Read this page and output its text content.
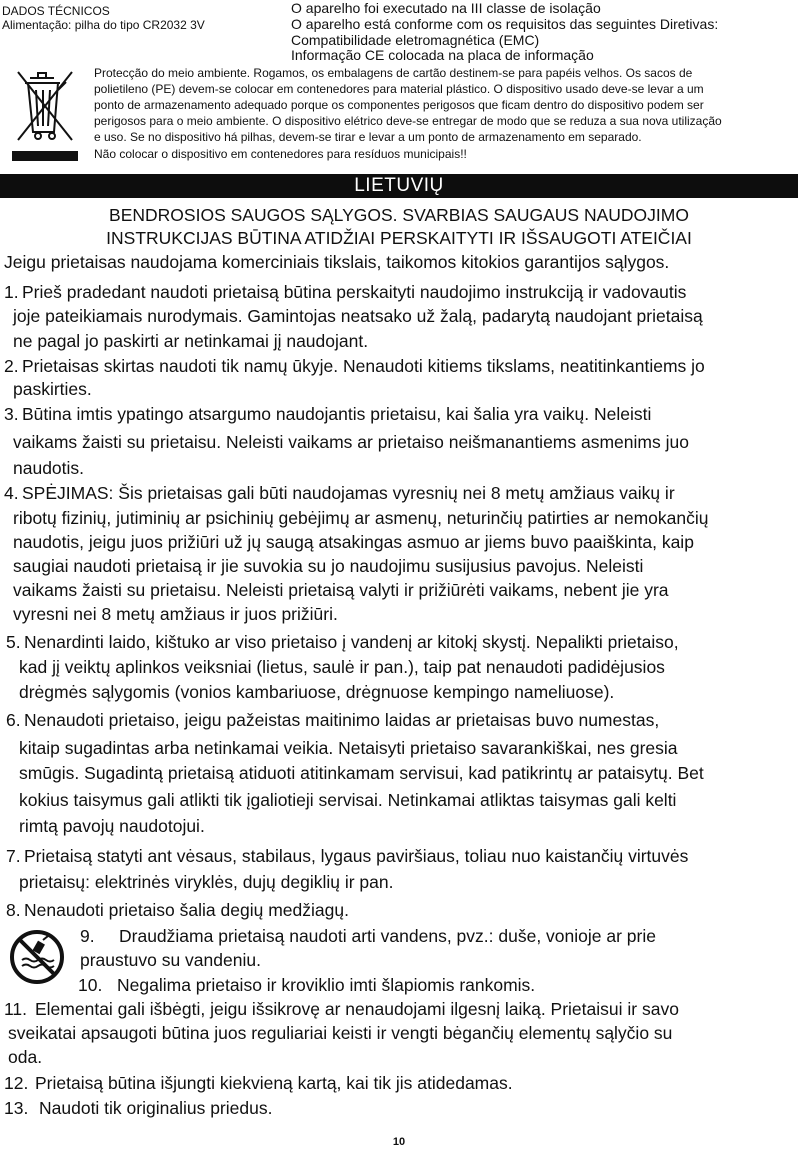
DADOS TÉCNICOS
Alimentação: pilha do tipo CR2032 3V
O aparelho foi executado na III classe de isolação
O aparelho está conforme com os requisitos das seguintes Diretivas:
Compatibilidade eletromagnética (EMC)
Informação CE colocada na placa de informação
Protecção do meio ambiente. Rogamos, os embalagens de cartão destinem-se para papéis velhos. Os sacos de
polietileno (PE) devem-se colocar em contenedores para material plástico. O dispositivo usado deve-se levar a um
ponto de armazenamento adequado porque os componentes perigosos que ficam dentro do dispositivo podem ser
perigosos para o meio ambiente. O dispositivo elétrico deve-se entregar de modo que se reduza a sua nova utilização
e uso. Se no dispositivo há pilhas, devem-se tirar e levar a um ponto de armazenamento em separado.
Não colocar o dispositivo em contenedores para resíduos municipais!!
LIETUVIŲ
BENDROSIOS SAUGOS SĄLYGOS. SVARBIAS SAUGAUS NAUDOJIMO
INSTRUKCIJAS BŪTINA ATIDŽIAI PERSKAITYTI IR IŠSAUGOTI ATEIČIAI
Jeigu prietaisas naudojama komerciniais tikslais, taikomos kitokios garantijos sąlygos.
1. Prieš pradedant naudoti prietaisą būtina perskaityti naudojimo instrukciją ir vadovautis
joje pateikiamais nurodymais. Gamintojas neatsako už žalą, padarytą naudojant prietaisą
ne pagal jo paskirti ar netinkamai jį naudojant.
2. Prietaisas skirtas naudoti tik namų ūkyje. Nenaudoti kitiems tikslams, neatitinkantiems jo
paskirties.
3. Būtina imtis ypatingo atsargumo naudojantis prietaisu, kai šalia yra vaikų. Neleisti
vaikams žaisti su prietaisu. Neleisti vaikams ar prietaiso neišmanantiems asmenims juo
naudotis.
4. SPĖJIMAS: Šis prietaisas gali būti naudojamas vyresnių nei 8 metų amžiaus vaikų ir
ribotų fizinių, jutiminių ar psichinių gebėjimų ar asmenų, neturinčių patirties ar nemokančių
naudotis, jeigu juos prižiūri už jų saugą atsakingas asmuo ar jiems buvo paaiškinta, kaip
saugiai naudoti prietaisą ir jie suvokia su jo naudojimu susijusius pavojus. Neleisti
vaikams žaisti su prietaisu. Neleisti prietaisą valyti ir prižiūrėti vaikams, nebent jie yra
vyresni nei 8 metų amžiaus ir juos prižiūri.
5. Nenardinti laido, kištuko ar viso prietaiso į vandenį ar kitokį skystį. Nepalikti prietaiso,
kad jį veiktų aplinkos veiksniai (lietus, saulė ir pan.), taip pat nenaudoti padidėjusios
drėgmės sąlygomis (vonios kambariuose, drėgnuose kempingo nameliuose).
6. Nenaudoti prietaiso, jeigu pažeistas maitinimo laidas ar prietaisas buvo numestas,
kitaip sugadintas arba netinkamai veikia. Netaisyti prietaiso savarankiškai, nes gresia
smūgis. Sugadintą prietaisą atiduoti atitinkamam servisui, kad patikrintų ar pataisytų. Bet
kokius taisymus gali atlikti tik įgaliotieji servisai. Netinkamai atliktas taisymas gali kelti
rimtą pavojų naudotojui.
7. Prietaisą statyti ant vėsaus, stabilaus, lygaus paviršiaus, toliau nuo kaistančių virtuvės
prietaisų: elektrinės viryklės, dujų degiklių ir pan.
8. Nenaudoti prietaiso šalia degių medžiagų.
9. Draudžiama prietaisą naudoti arti vandens, pvz.: duše, vonioje ar prie
praustuvo su vandeniu.
10. Negalima prietaiso ir kroviklio imti šlapiomis rankomis.
11. Elementai gali išbėgti, jeigu išsikrovę ar nenaudojami ilgesnį laiką. Prietaisui ir savo
sveikatai apsaugoti būtina juos reguliariai keisti ir vengti bėgančių elementų sąlyčio su
oda.
12. Prietaisą būtina išjungti kiekvieną kartą, kai tik jis atidedamas.
13. Naudoti tik originalius priedus.
10
